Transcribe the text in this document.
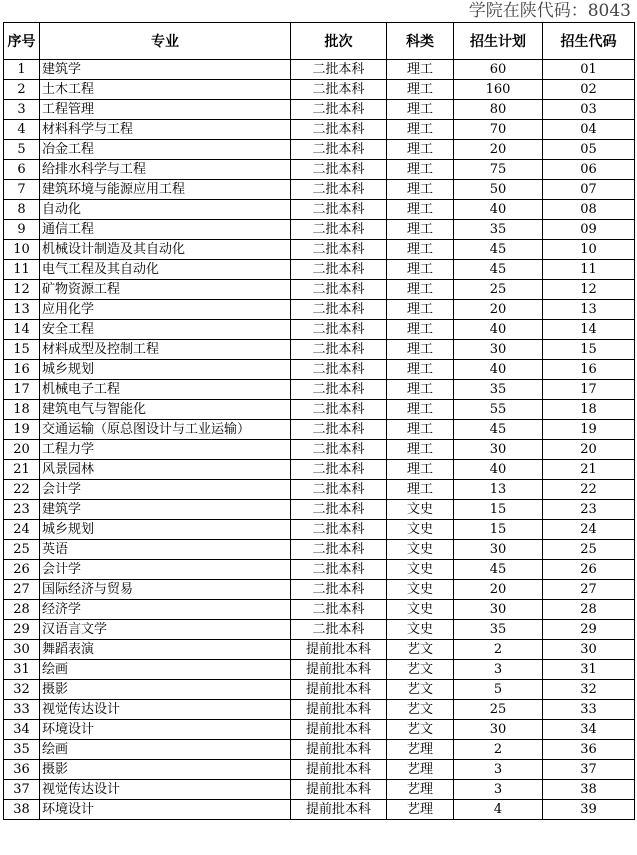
学院在陕代码：8043
序号	专业	批次	科类	招生计划	招生代码
1	建筑学	二批本科	理工	60	01
2	土木工程	二批本科	理工	160	02
3	工程管理	二批本科	理工	80	03
4	材料科学与工程	二批本科	理工	70	04
5	冶金工程	二批本科	理工	20	05
6	给排水科学与工程	二批本科	理工	75	06
7	建筑环境与能源应用工程	二批本科	理工	50	07
8	自动化	二批本科	理工	40	08
9	通信工程	二批本科	理工	35	09
10	机械设计制造及其自动化	二批本科	理工	45	10
11	电气工程及其自动化	二批本科	理工	45	11
12	矿物资源工程	二批本科	理工	25	12
13	应用化学	二批本科	理工	20	13
14	安全工程	二批本科	理工	40	14
15	材料成型及控制工程	二批本科	理工	30	15
16	城乡规划	二批本科	理工	40	16
17	机械电子工程	二批本科	理工	35	17
18	建筑电气与智能化	二批本科	理工	55	18
19	交通运输（原总图设计与工业运输）	二批本科	理工	45	19
20	工程力学	二批本科	理工	30	20
21	风景园林	二批本科	理工	40	21
22	会计学	二批本科	理工	13	22
23	建筑学	二批本科	文史	15	23
24	城乡规划	二批本科	文史	15	24
25	英语	二批本科	文史	30	25
26	会计学	二批本科	文史	45	26
27	国际经济与贸易	二批本科	文史	20	27
28	经济学	二批本科	文史	30	28
29	汉语言文学	二批本科	文史	35	29
30	舞蹈表演	提前批本科	艺文	2	30
31	绘画	提前批本科	艺文	3	31
32	摄影	提前批本科	艺文	5	32
33	视觉传达设计	提前批本科	艺文	25	33
34	环境设计	提前批本科	艺文	30	34
35	绘画	提前批本科	艺理	2	36
36	摄影	提前批本科	艺理	3	37
37	视觉传达设计	提前批本科	艺理	3	38
38	环境设计	提前批本科	艺理	4	39
